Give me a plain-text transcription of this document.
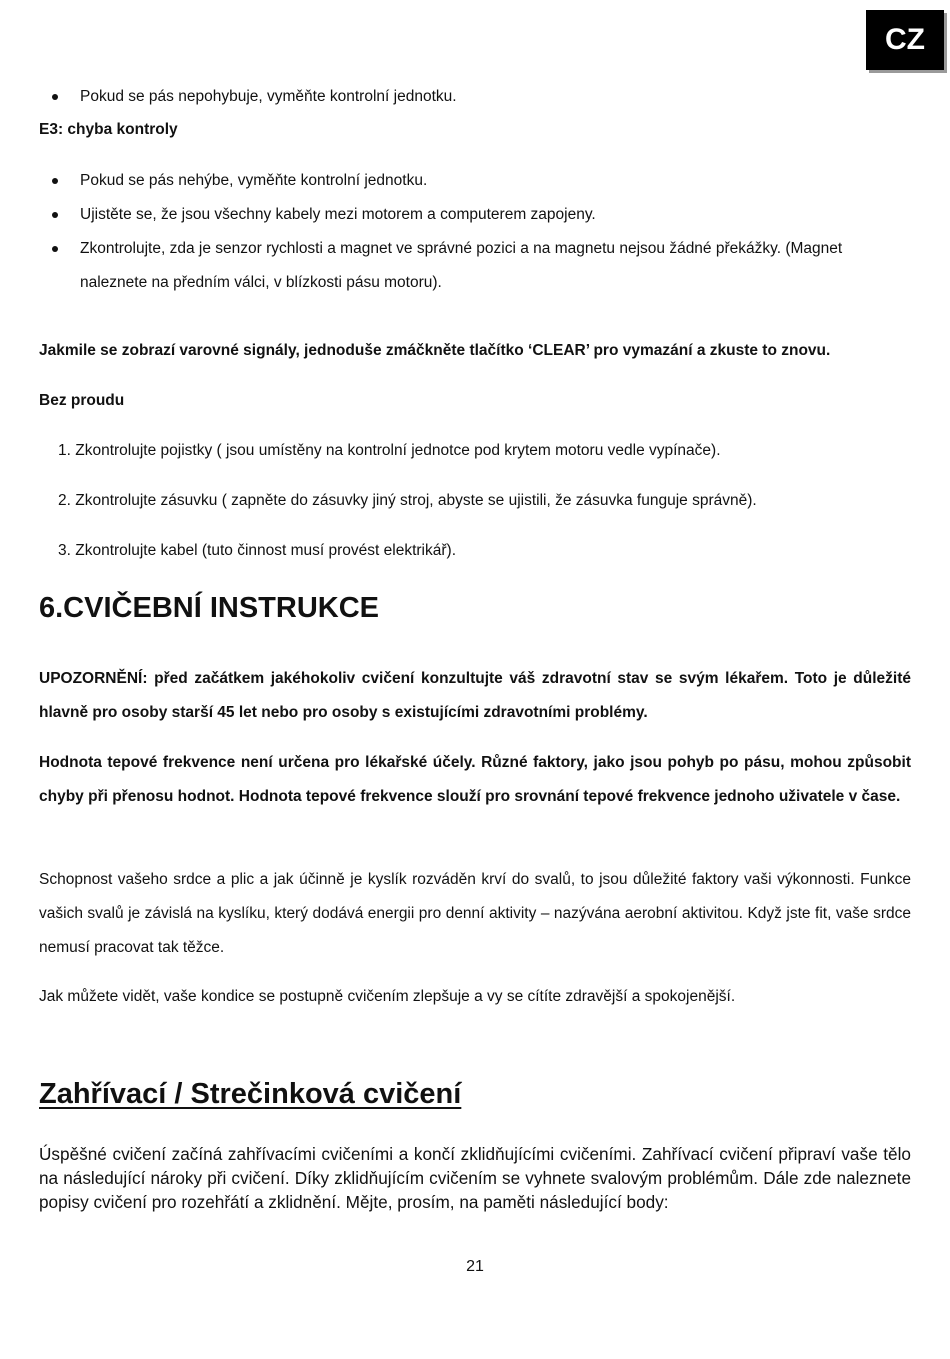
CZ
Pokud se pás nepohybuje, vyměňte kontrolní jednotku.
E3: chyba kontroly
Pokud se pás nehýbe, vyměňte kontrolní jednotku.
Ujistěte se, že jsou všechny kabely mezi motorem a computerem zapojeny.
Zkontrolujte, zda je senzor rychlosti a magnet ve správné pozici a na magnetu nejsou žádné překážky. (Magnet naleznete na předním válci, v blízkosti pásu motoru).
Jakmile se zobrazí varovné signály, jednoduše zmáčkněte tlačítko ‘CLEAR’ pro vymazání a zkuste to znovu.
Bez proudu
1. Zkontrolujte pojistky ( jsou umístěny na kontrolní jednotce pod krytem motoru vedle vypínače).
2. Zkontrolujte zásuvku ( zapněte do zásuvky jiný stroj, abyste se ujistili, že zásuvka funguje správně).
3. Zkontrolujte kabel (tuto činnost musí provést elektrikář).
6.CVIČEBNÍ INSTRUKCE
UPOZORNĚNÍ: před začátkem jakéhokoliv cvičení konzultujte váš zdravotní stav se svým lékařem. Toto je důležité hlavně pro osoby starší 45 let nebo pro osoby s existujícími zdravotními problémy.
Hodnota tepové frekvence není určena pro lékařské účely. Různé faktory, jako jsou pohyb po pásu, mohou způsobit chyby při přenosu hodnot. Hodnota tepové frekvence slouží pro srovnání tepové frekvence jednoho uživatele v čase.
Schopnost vašeho srdce a plic a jak účinně je kyslík rozváděn krví do svalů, to jsou důležité faktory vaši výkonnosti. Funkce vašich svalů je závislá na kyslíku, který dodává energii pro denní aktivity – nazývána aerobní aktivitou. Když jste fit, vaše srdce nemusí pracovat tak těžce.
Jak můžete vidět, vaše kondice se postupně cvičením zlepšuje a vy se cítíte zdravější a spokojenější.
Zahřívací / Strečinková cvičení
Úspěšné cvičení začíná zahřívacími cvičeními a končí zklidňujícími cvičeními. Zahřívací cvičení připraví vaše tělo na následující nároky při cvičení. Díky zklidňujícím cvičením se vyhnete svalovým problémům. Dále zde naleznete popisy cvičení pro rozehřátí a zklidnění. Mějte, prosím, na paměti následující body:
21
